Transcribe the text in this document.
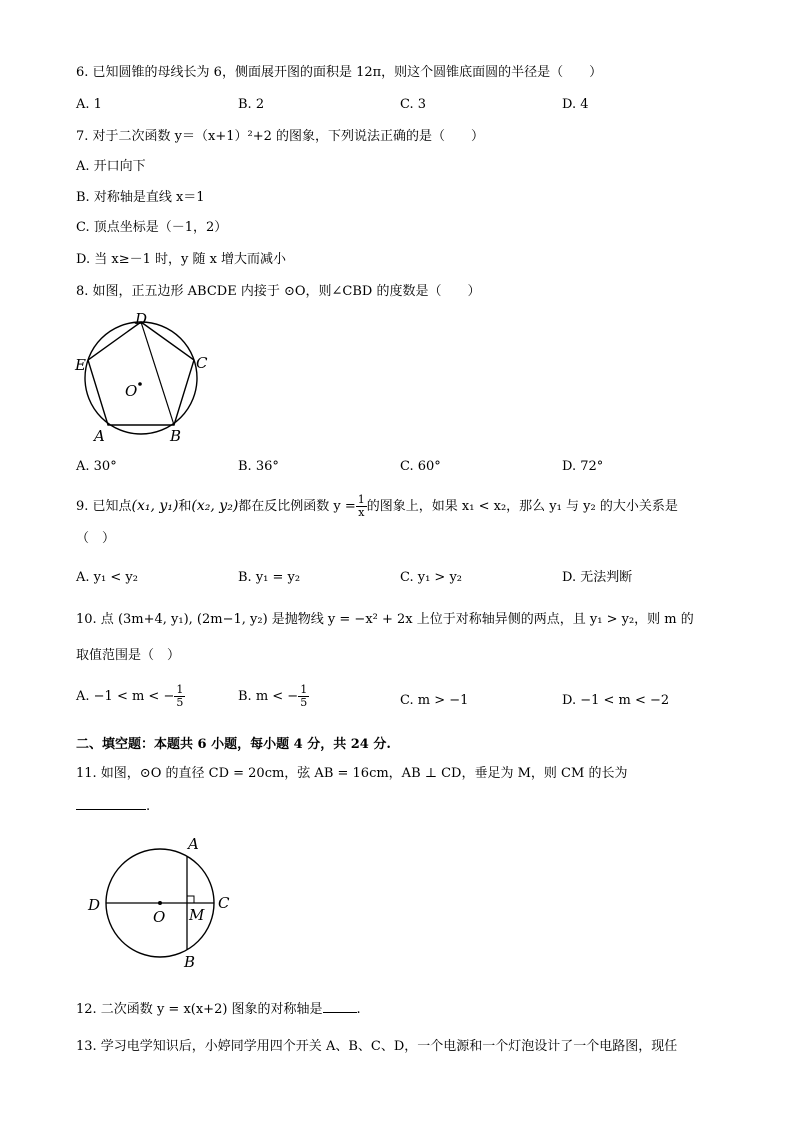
6. 已知圆锥的母线长为 6，侧面展开图的面积是 12π，则这个圆锥底面圆的半径是（　　）
A. 1	B. 2	C. 3	D. 4
7. 对于二次函数 y＝（x+1）²+2 的图象，下列说法正确的是（　　）
A. 开口向下
B. 对称轴是直线 x＝1
C. 顶点坐标是（－1，2）
D. 当 x≥－1 时，y 随 x 增大而减小
8. 如图，正五边形 ABCDE 内接于 ⊙O，则∠CBD 的度数是（　　）
D
C
E
O
A	B
A. 30°	B. 36°	C. 60°	D. 72°
9. 已知点(x₁, y₁)和(x₂, y₂)都在反比例函数 $y = \frac{1}{x}$ 的图象上，如果 x₁ < x₂，那么 y₁ 与 y₂ 的大小关系是
（　）
A. y₁ < y₂	B. y₁ = y₂	C. y₁ > y₂	D. 无法判断
10. 点 (3m+4, y₁), (2m−1, y₂) 是抛物线 y = −x² + 2x 上位于对称轴异侧的两点，且 y₁ > y₂，则 m 的
取值范围是（　）
A. −1 < m < − $\frac{1}{5}$	B. m < − $\frac{1}{5}$	C. m > −1	D. −1 < m < −2
二、填空题：本题共 6 小题，每小题 4 分，共 24 分.
11. 如图，⊙O 的直径 CD = 20cm，弦 AB = 16cm，AB ⊥ CD，垂足为 M，则 CM 的长为
.
A
B
C
D
O M
12. 二次函数 y = x(x+2) 图象的对称轴是	.
13. 学习电学知识后，小婷同学用四个开关 A、B、C、D，一个电源和一个灯泡设计了一个电路图，现任
